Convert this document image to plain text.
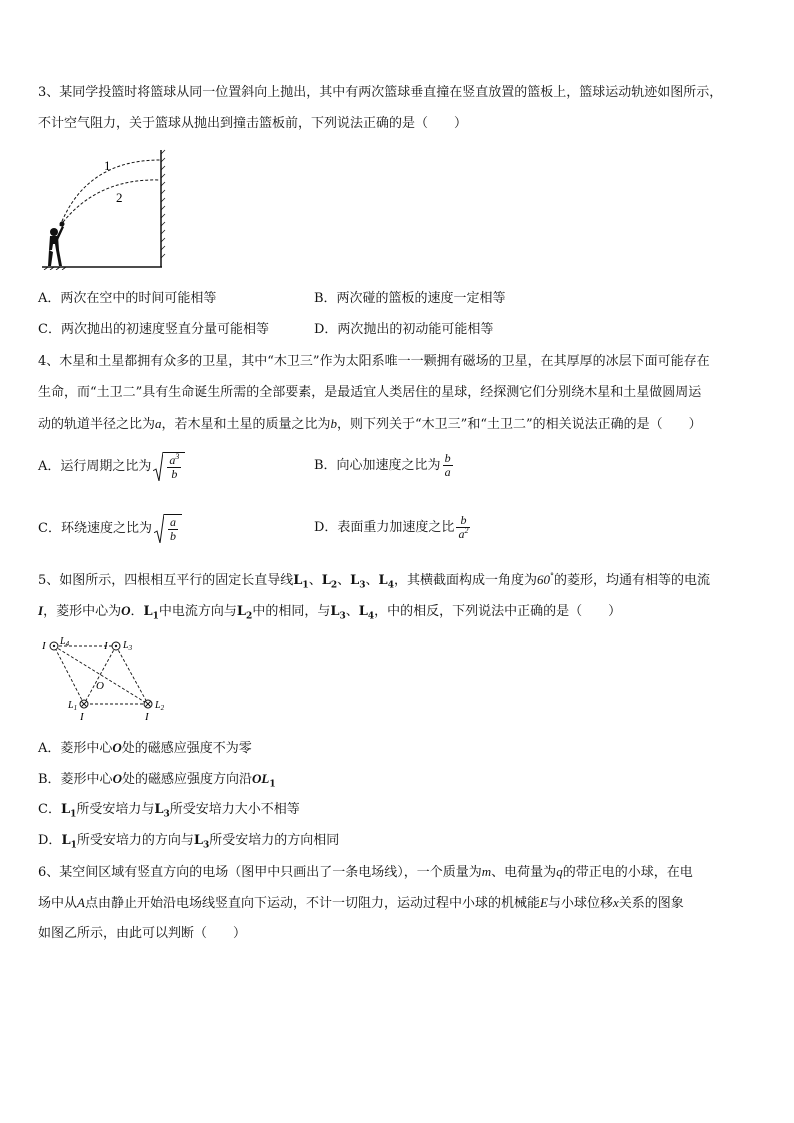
3、某同学投篮时将篮球从同一位置斜向上抛出，其中有两次篮球垂直撞在竖直放置的篮板上，篮球运动轨迹如图所示，
不计空气阻力，关于篮球从抛出到撞击篮板前，下列说法正确的是（　　）
1
2
A．两次在空中的时间可能相等	B．两次碰的篮板的速度一定相等
C．两次抛出的初速度竖直分量可能相等	D．两次抛出的初动能可能相等
4、木星和土星都拥有众多的卫星，其中“木卫三”作为太阳系唯一一颗拥有磁场的卫星，在其厚厚的冰层下面可能存在
生命，而“土卫二”具有生命诞生所需的全部要素，是最适宜人类居住的星球，经探测它们分别绕木星和土星做圆周运
动的轨道半径之比为a，若木星和土星的质量之比为b，则下列关于“木卫三”和“土卫二”的相关说法正确的是（　　）
A．运行周期之比为 $\frac{a^3}{b}$	B．向心加速度之比为 $\frac{b}{a}$
C．环绕速度之比为 $\frac{a}{b}$	D．表面重力加速度之比 $\frac{b}{a^2}$
5、如图所示，四根相互平行的固定长直导线$L_1$、$L_2$、$L_3$、$L_4$，其横截面构成一角度为60°的菱形，均通有相等的电流
I，菱形中心为O．$L_1$中电流方向与$L_2$中的相同，与$L_3$、$L_4$，中的相反，下列说法中正确的是（　　）
I $L_4$	I $L_3$
O
$L_1$
I
$L_2$
I
A．菱形中心O处的磁感应强度不为零
B．菱形中心O处的磁感应强度方向沿$OL_1$
C．$L_1$所受安培力与$L_3$所受安培力大小不相等
D．$L_1$所受安培力的方向与$L_3$所受安培力的方向相同
6、某空间区域有竖直方向的电场（图甲中只画出了一条电场线），一个质量为m、电荷量为q的带正电的小球，在电
场中从A点由静止开始沿电场线竖直向下运动，不计一切阻力，运动过程中小球的机械能E与小球位移x关系的图象
如图乙所示，由此可以判断（　　）
